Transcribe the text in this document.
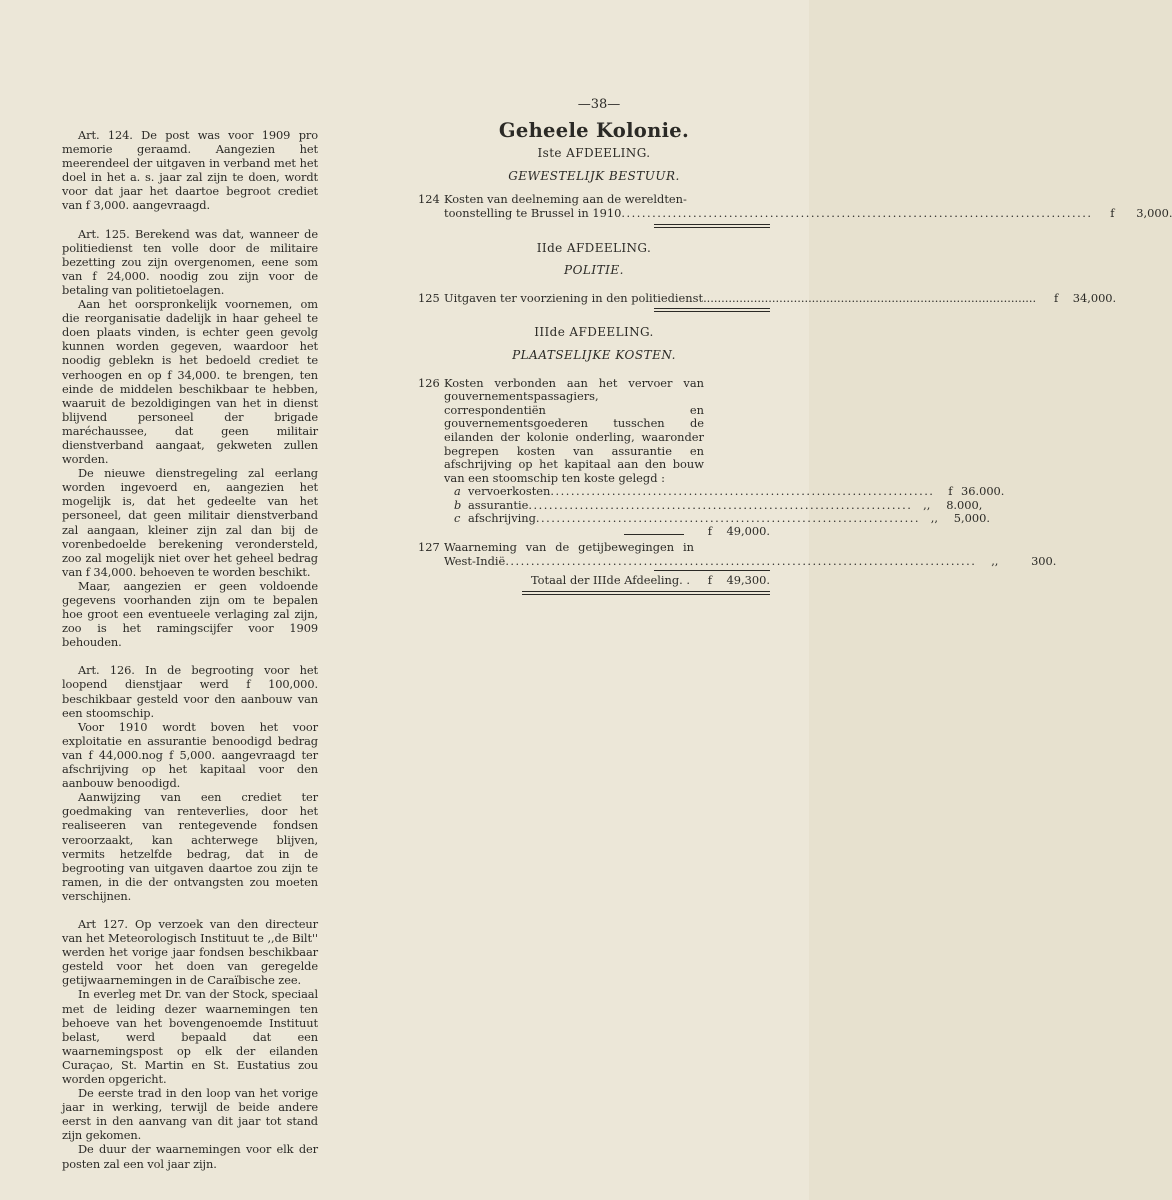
Art. 124. De post was voor 1909 pro memorie geraamd. Aangezien het meerendeel der uitgaven in verband met het doel in het a. s. jaar zal zijn te doen, wordt voor dat jaar het daartoe begroot crediet van f 3,000. aangevraagd.

Art. 125. Berekend was dat, wanneer de politiedienst ten volle door de militaire bezetting zou zijn overgenomen, eene som van f 24,000. noodig zou zijn voor de betaling van politietoelagen.

Aan het oorspronkelijk voornemen, om die reorganisatie dadelijk in haar geheel te doen plaats vinden, is echter geen gevolg kunnen worden gegeven, waardoor het noodig geblekn is het bedoeld crediet te verhoogen en op f 34,000. te brengen, ten einde de middelen beschikbaar te hebben, waaruit de bezoldigingen van het in dienst blijvend personeel der brigade maréchaussee, dat geen militair dienstverband aangaat, gekweten zullen worden.

De nieuwe dienstregeling zal eerlang worden ingevoerd en, aangezien het mogelijk is, dat het gedeelte van het personeel, dat geen militair dienstverband zal aangaan, kleiner zijn zal dan bij de vorenbedoelde berekening verondersteld, zoo zal mogelijk niet over het geheel bedrag van f 34,000. behoeven te worden beschikt.

Maar, aangezien er geen voldoende gegevens voorhanden zijn om te bepalen hoe groot een eventueele verlaging zal zijn, zoo is het ramingscijfer voor 1909 behouden.

Art. 126. In de begrooting voor het loopend dienstjaar werd f 100,000. beschikbaar gesteld voor den aanbouw van een stoomschip.

Voor 1910 wordt boven het voor exploitatie en assurantie benoodigd bedrag van f 44,000.nog f 5,000. aangevraagd ter afschrijving op het kapitaal voor den aanbouw benoodigd.

Aanwijzing van een crediet ter goedmaking van renteverlies, door het realiseeren van rentegevende fondsen veroorzaakt, kan achterwege blijven, vermits hetzelfde bedrag, dat in de begrooting van uitgaven daartoe zou zijn te ramen, in die der ontvangsten zou moeten verschijnen.

Art 127. Op verzoek van den directeur van het Meteorologisch Instituut te ,,de Bilt'' werden het vorige jaar fondsen beschikbaar gesteld voor het doen van geregelde getijwaarnemingen in de Caraïbische zee.

In everleg met Dr. van der Stock, speciaal met de leiding dezer waarnemingen ten behoeve van het bovengenoemde Instituut belast, werd bepaald dat een waarnemingspost op elk der eilanden Curaçao, St. Martin en St. Eustatius zou worden opgericht.

De eerste trad in den loop van het vorige jaar in werking, terwijl de beide andere eerst in den aanvang van dit jaar tot stand zijn gekomen.

De duur der waarnemingen voor elk der posten zal een vol jaar zijn.

—38—
Geheele Kolonie.
Iste AFDEELING.
GEWESTELIJK BESTUUR.
124 Kosten van deelneming aan de wereldten-
toonstelling te Brussel in 1910 .....	f	3,000.
IIde AFDEELING.
POLITIE.
125 Uitgaven ter voorziening in den politiedienst .....	f	34,000.
IIIde AFDEELING.
PLAATSELIJKE KOSTEN.
126 Kosten verbonden aan het vervoer van gouvernementspassagiers, correspondentiën en gouvernementsgoederen tusschen de eilanden der kolonie onderling, waaronder begrepen kosten van assurantie en afschrijving op het kapitaal aan den bouw van een stoomschip ten koste gelegd :
a vervoerkosten .....	f 36.000.
b assurantie .....	,,	8.000,
c afschrijving .....	,,	5,000.
f	49,000.
127 Waarneming van de getijbewegingen in
West-Indië .....	,,	300.
Totaal der IIIde Afdeeling. .	f	49,300.
